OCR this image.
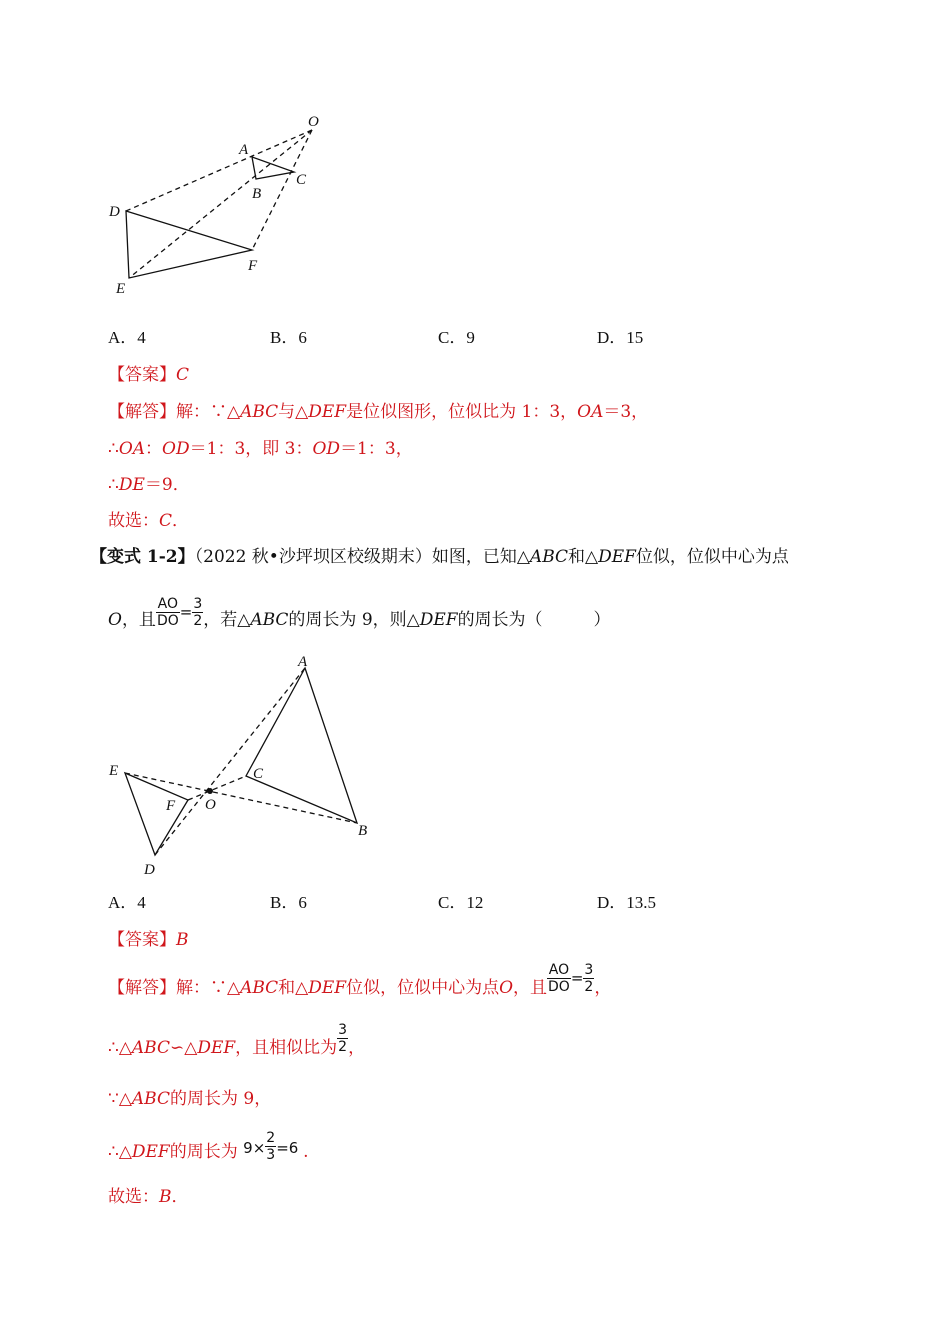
O
A
B
C
D
E
F
A．4	B．6	C．9	D．15
【答案】C
【解答】解：∵△ABC与△DEF是位似图形，位似比为 1：3，OA＝3，
∴OA：OD＝1：3，即 3：OD＝1：3，
∴DE＝9．
故选：C．
【变式 1-2】（2022 秋•沙坪坝区校级期末）如图，已知△ABC和△DEF位似，位似中心为点
O，且 $\frac{AO}{DO} = \frac{3}{2}$ ，若△ABC的周长为 9，则△DEF的周长为（　　　）
A
B
C
D
E
F O
A．4	B．6	C．12	D．13.5
【答案】B
【解答】解：∵△ABC和△DEF位似，位似中心为点O，且 $\frac{AO}{DO} = \frac{3}{2}$ ，
∴△ABC∽△DEF，且相似比为 $\frac{3}{2}$ ，
∵△ABC的周长为 9，
∴△DEF的周长为 $9\times \frac{2}{3} =6$ .
故选：B．
